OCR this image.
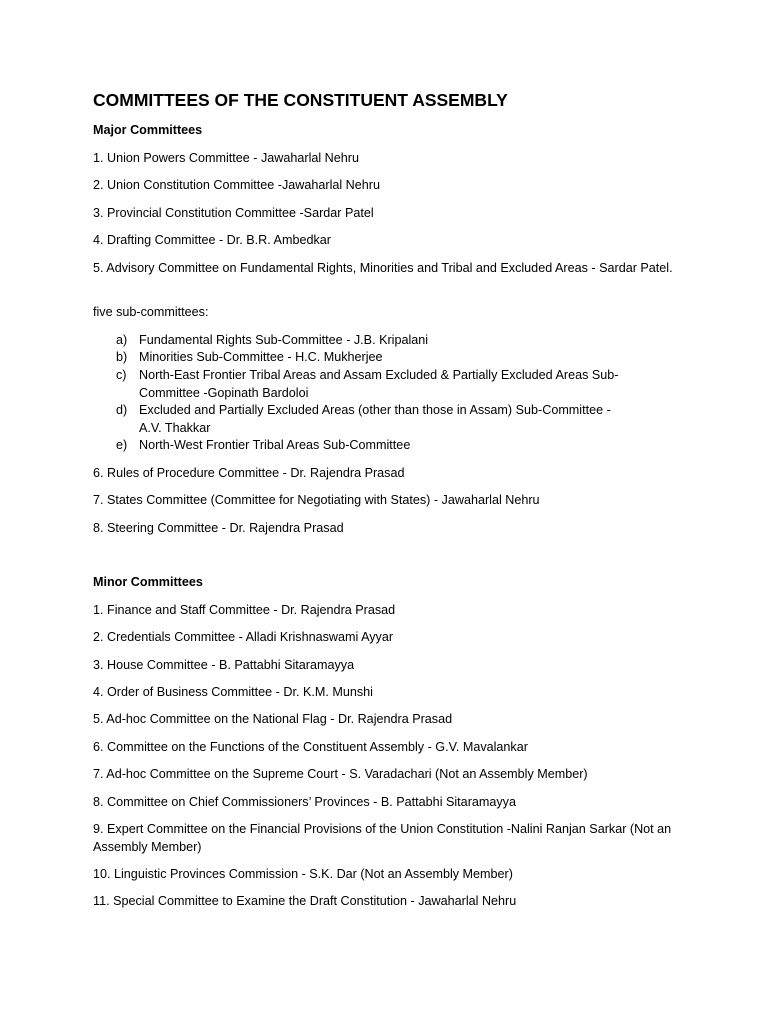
COMMITTEES OF THE CONSTITUENT ASSEMBLY

Major Committees

1. Union Powers Committee - Jawaharlal Nehru

2. Union Constitution Committee -Jawaharlal Nehru

3. Provincial Constitution Committee -Sardar Patel

4. Drafting Committee - Dr. B.R. Ambedkar

5. Advisory Committee on Fundamental Rights, Minorities and Tribal and Excluded Areas - Sardar Patel.

five sub-committees:

a) Fundamental Rights Sub-Committee - J.B. Kripalani
b) Minorities Sub-Committee - H.C. Mukherjee
c) North-East Frontier Tribal Areas and Assam Excluded & Partially Excluded Areas Sub-Committee -Gopinath Bardoloi
d) Excluded and Partially Excluded Areas (other than those in Assam) Sub-Committee - A.V. Thakkar
e) North-West Frontier Tribal Areas Sub-Committee

6. Rules of Procedure Committee - Dr. Rajendra Prasad

7. States Committee (Committee for Negotiating with States) - Jawaharlal Nehru

8. Steering Committee - Dr. Rajendra Prasad

Minor Committees

1. Finance and Staff Committee - Dr. Rajendra Prasad

2. Credentials Committee - Alladi Krishnaswami Ayyar

3. House Committee - B. Pattabhi Sitaramayya

4. Order of Business Committee - Dr. K.M. Munshi

5. Ad-hoc Committee on the National Flag - Dr. Rajendra Prasad

6. Committee on the Functions of the Constituent Assembly - G.V. Mavalankar

7. Ad-hoc Committee on the Supreme Court - S. Varadachari (Not an Assembly Member)

8. Committee on Chief Commissioners’ Provinces - B. Pattabhi Sitaramayya

9. Expert Committee on the Financial Provisions of the Union Constitution -Nalini Ranjan Sarkar (Not an Assembly Member)

10. Linguistic Provinces Commission - S.K. Dar (Not an Assembly Member)

11. Special Committee to Examine the Draft Constitution - Jawaharlal Nehru
